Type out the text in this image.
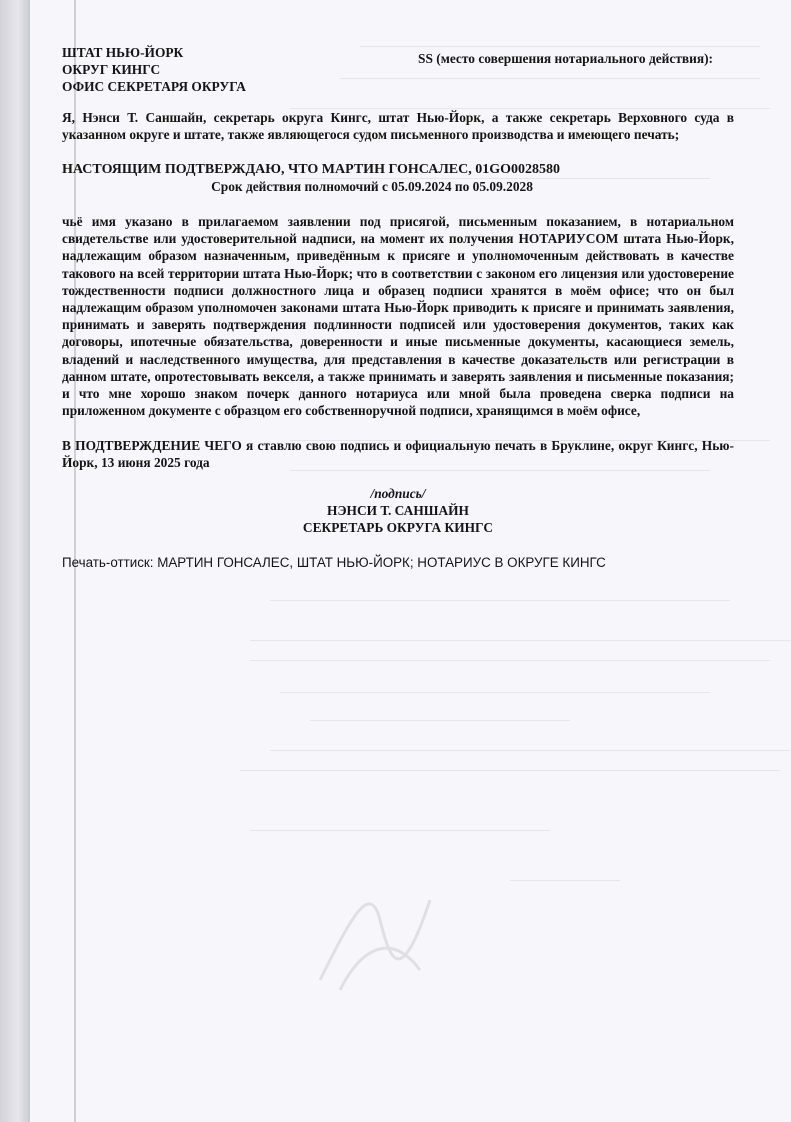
ШТАТ НЬЮ-ЙОРК
ОКРУГ КИНГС
ОФИС СЕКРЕТАРЯ ОКРУГА
SS (место совершения нотариального действия):
Я, Нэнси Т. Саншайн, секретарь округа Кингс, штат Нью-Йорк, а также секретарь Верховного суда в указанном округе и штате, также являющегося судом письменного производства и имеющего печать;
НАСТОЯЩИМ ПОДТВЕРЖДАЮ, ЧТО МАРТИН ГОНСАЛЕС, 01GO0028580
Срок действия полномочий с 05.09.2024 по 05.09.2028
чьё имя указано в прилагаемом заявлении под присягой, письменным показанием, в нотариальном свидетельстве или удостоверительной надписи, на момент их получения НОТАРИУСОМ штата Нью-Йорк, надлежащим образом назначенным, приведённым к присяге и уполномоченным действовать в качестве такового на всей территории штата Нью-Йорк; что в соответствии с законом его лицензия или удостоверение тождественности подписи должностного лица и образец подписи хранятся в моём офисе; что он был надлежащим образом уполномочен законами штата Нью-Йорк приводить к присяге и принимать заявления, принимать и заверять подтверждения подлинности подписей или удостоверения документов, таких как договоры, ипотечные обязательства, доверенности и иные письменные документы, касающиеся земель, владений и наследственного имущества, для представления в качестве доказательств или регистрации в данном штате, опротестовывать векселя, а также принимать и заверять заявления и письменные показания; и что мне хорошо знаком почерк данного нотариуса или мной была проведена сверка подписи на приложенном документе с образцом его собственноручной подписи, хранящимся в моём офисе,
В ПОДТВЕРЖДЕНИЕ ЧЕГО я ставлю свою подпись и официальную печать в Бруклине, округ Кингс, Нью-Йорк, 13 июня 2025 года
/подпись/
НЭНСИ Т. САНШАЙН
СЕКРЕТАРЬ ОКРУГА КИНГС
Печать-оттиск: МАРТИН ГОНСАЛЕС, ШТАТ НЬЮ-ЙОРК; НОТАРИУС В ОКРУГЕ КИНГС
